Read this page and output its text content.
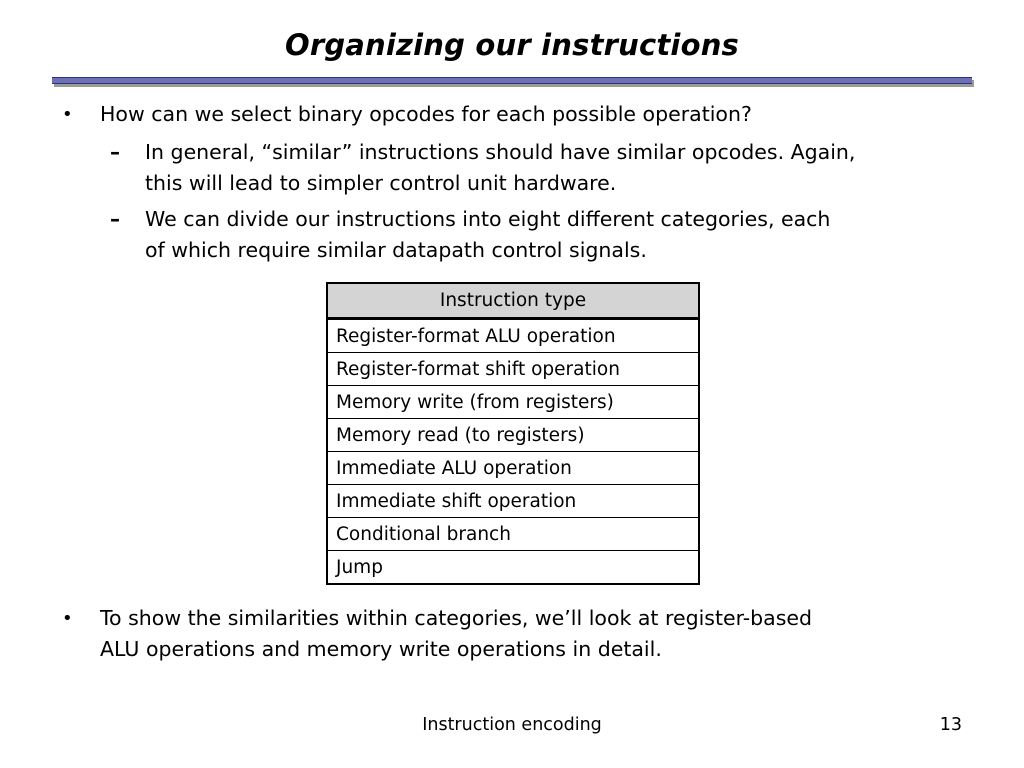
Organizing our instructions
• How can we select binary opcodes for each possible operation?
– In general, “similar” instructions should have similar opcodes. Again,
this will lead to simpler control unit hardware.
– We can divide our instructions into eight different categories, each
of which require similar datapath control signals.
Instruction type
Register-format ALU operation
Register-format shift operation
Memory write (from registers)
Memory read (to registers)
Immediate ALU operation
Immediate shift operation
Conditional branch
Jump
• To show the similarities within categories, we’ll look at register-based
ALU operations and memory write operations in detail.
Instruction encoding	13
